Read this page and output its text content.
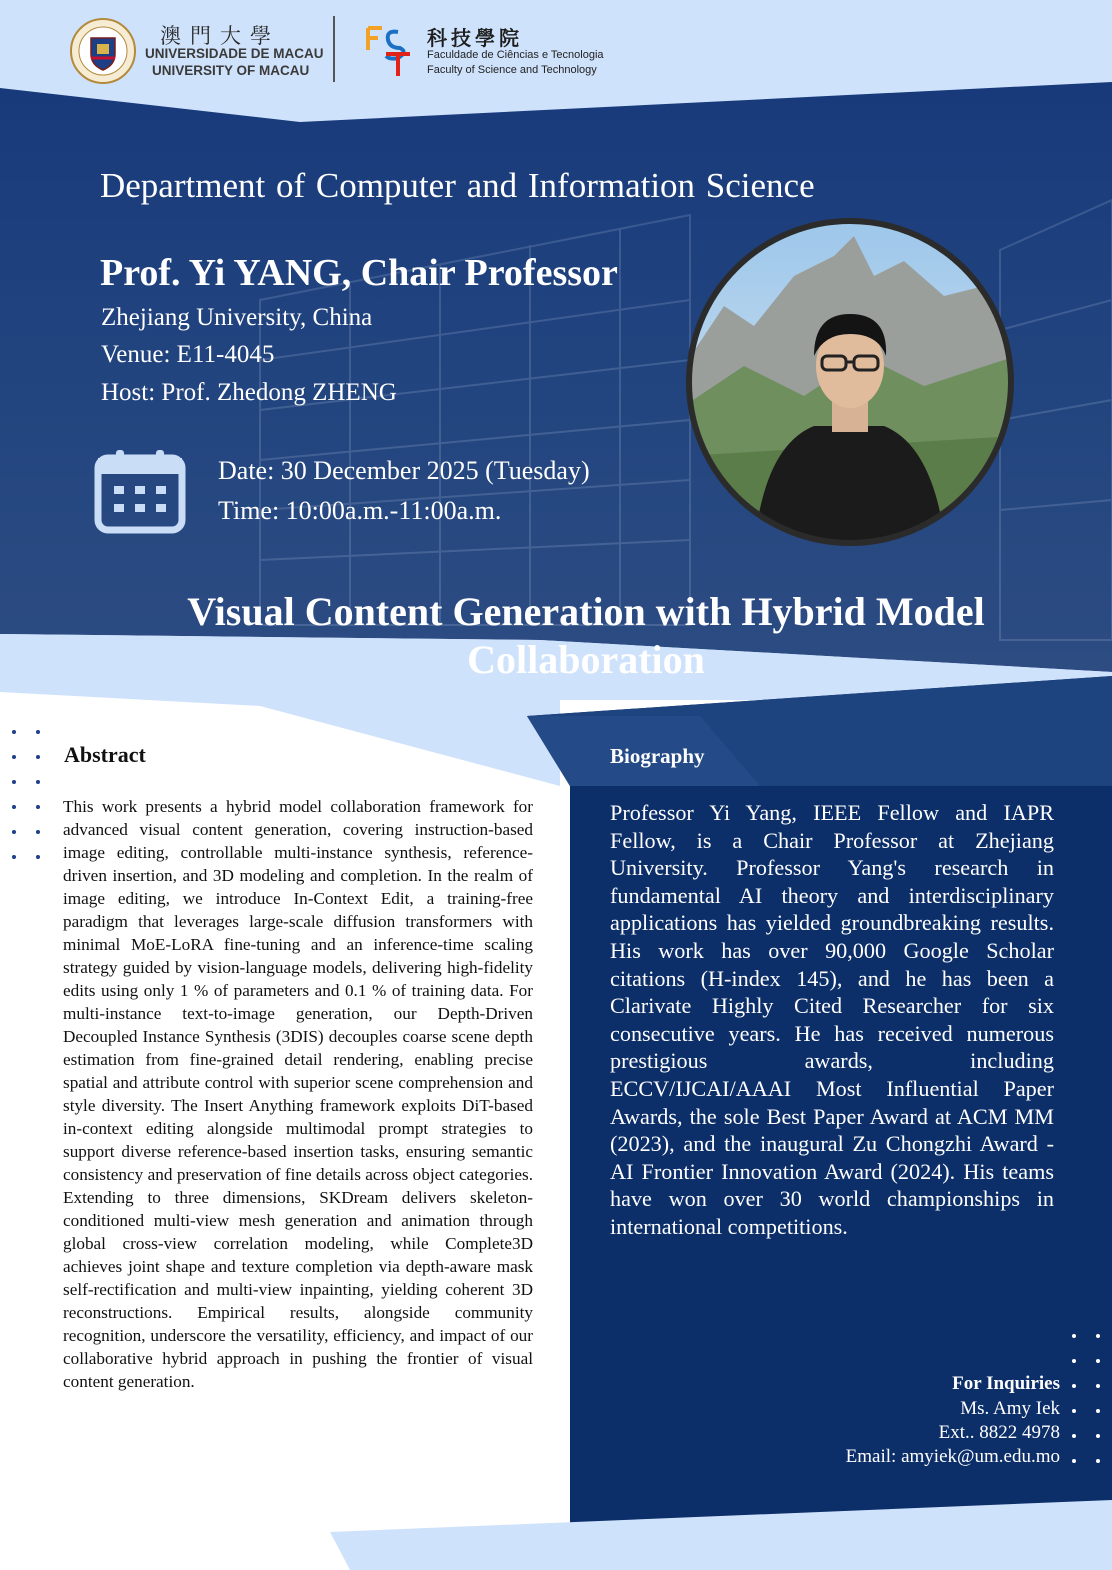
澳門大學
UNIVERSIDADE DE MACAU
UNIVERSITY OF MACAU
科技學院
Faculdade de Ciências e Tecnologia
Faculty of Science and Technology
Department of Computer and Information Science
Prof. Yi YANG, Chair Professor
Zhejiang University, China
Venue: E11-4045
Host: Prof. Zhedong ZHENG
Date: 30 December 2025 (Tuesday)
Time: 10:00a.m.-11:00a.m.
Visual Content Generation with Hybrid Model
Collaboration
Abstract
This work presents a hybrid model collaboration framework for advanced visual content generation, covering instruction-based image editing, controllable multi-instance synthesis, reference-driven insertion, and 3D modeling and completion. In the realm of image editing, we introduce In-Context Edit, a training-free paradigm that leverages large-scale diffusion transformers with minimal MoE-LoRA fine-tuning and an inference-time scaling strategy guided by vision-language models, delivering high-fidelity edits using only 1 % of parameters and 0.1 % of training data. For multi-instance text-to-image generation, our Depth-Driven Decoupled Instance Synthesis (3DIS) decouples coarse scene depth estimation from fine-grained detail rendering, enabling precise spatial and attribute control with superior scene comprehension and style diversity. The Insert Anything framework exploits DiT-based in-context editing alongside multimodal prompt strategies to support diverse reference-based insertion tasks, ensuring semantic consistency and preservation of fine details across object categories. Extending to three dimensions, SKDream delivers skeleton-conditioned multi-view mesh generation and animation through global cross-view correlation modeling, while Complete3D achieves joint shape and texture completion via depth-aware mask self-rectification and multi-view inpainting, yielding coherent 3D reconstructions. Empirical results, alongside community recognition, underscore the versatility, efficiency, and impact of our collaborative hybrid approach in pushing the frontier of visual content generation.
Biography
Professor Yi Yang, IEEE Fellow and IAPR Fellow, is a Chair Professor at Zhejiang University. Professor Yang's research in fundamental AI theory and interdisciplinary applications has yielded groundbreaking results. His work has over 90,000 Google Scholar citations (H-index 145), and he has been a Clarivate Highly Cited Researcher for six consecutive years. He has received numerous prestigious awards, including ECCV/IJCAI/AAAI Most Influential Paper Awards, the sole Best Paper Award at ACM MM (2023), and the inaugural Zu Chongzhi Award - AI Frontier Innovation Award (2024). His teams have won over 30 world championships in international competitions.
For Inquiries
Ms. Amy Iek
Ext.. 8822 4978
Email: amyiek@um.edu.mo
